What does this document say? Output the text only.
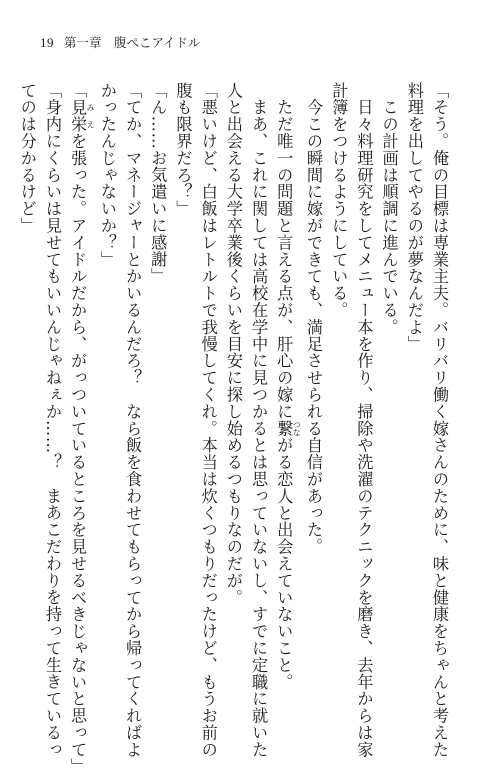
19 第一章　腹ぺこアイドル
「そう。俺の目標は専業主夫。バリバリ働く嫁さんのために、味と健康をちゃんと考えた
料理を出してやるのが夢なんだよ」
　この計画は順調に進んでいる。
　日々料理研究をしてメニュー本を作り、掃除や洗濯のテクニックを磨き、去年からは家
計簿をつけるようにしている。
　今この瞬間に嫁ができても、満足させられる自信があった。
　ただ唯一の問題と言える点が、肝心の嫁に繋 つながる恋人と出会えていないこと。
　まあ、これに関しては高校在学中に見つかるとは思っていないし、すでに定職に就いた
人と出会える大学卒業後くらいを目安に探し始めるつもりなのだが。
「悪いけど、白飯はレトルトで我慢してくれ。本当は炊くつもりだったけど、もうお前の
腹も限界だろ？」
「ん……お気遣いに感謝」
「てか、マネージャーとかいるんだろ？　なら飯を食わせてもらってから帰ってくればよ
かったんじゃないか？」
「見栄 みえを張った。アイドルだから、がっついているところを見せるべきじゃないと思って」
「身内にくらいは見せてもいいんじゃねぇか……？　まあこだわりを持って生きているっ
てのは分かるけど」
